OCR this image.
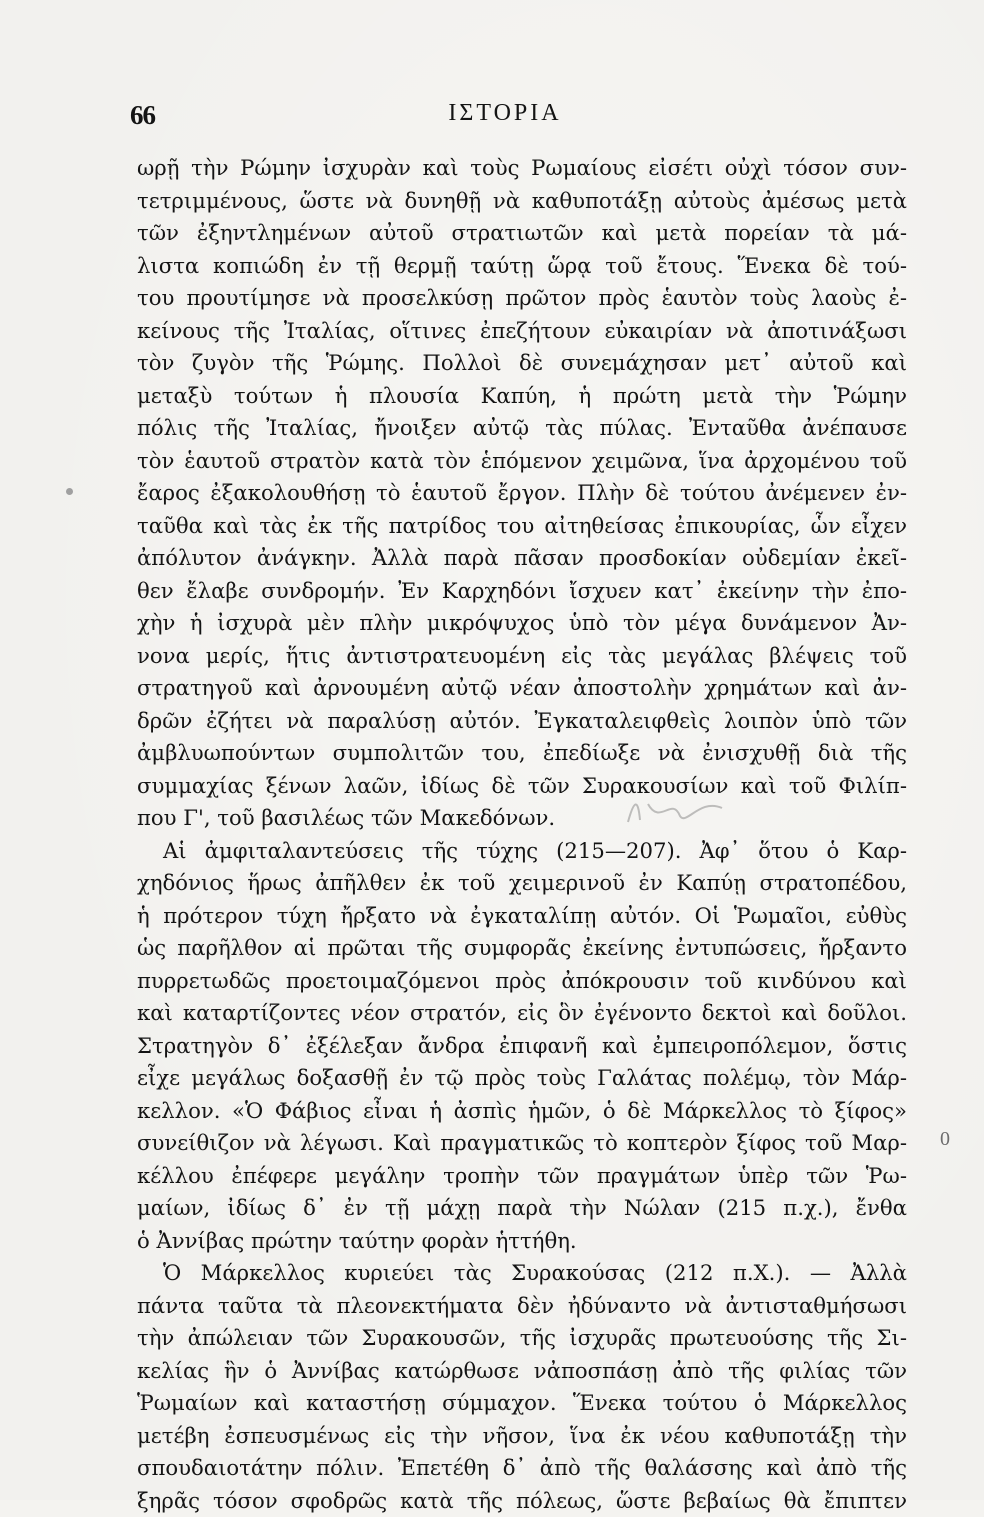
66	ΙΣΤΟΡΙΑ
ωρῇ τὴν Ρώμην ἰσχυρὰν καὶ τοὺς Ρωμαίους εἰσέτι οὐχὶ τόσον συν-
τετριμμένους, ὥστε νὰ δυνηθῇ νὰ καθυποτάξῃ αὐτοὺς ἀμέσως μετὰ
τῶν ἐξηντλημένων αὐτοῦ στρατιωτῶν καὶ μετὰ πορείαν τὰ μά-
λιστα κοπιώδη ἐν τῇ θερμῇ ταύτῃ ὥρᾳ τοῦ ἔτους. Ἕνεκα δὲ τού-
του προυτίμησε νὰ προσελκύσῃ πρῶτον πρὸς ἑαυτὸν τοὺς λαοὺς ἐ-
κείνους τῆς Ἰταλίας, οἵτινες ἐπεζήτουν εὐκαιρίαν νὰ ἀποτινάξωσι
τὸν ζυγὸν τῆς Ῥώμης. Πολλοὶ δὲ συνεμάχησαν μετ᾽ αὐτοῦ καὶ
μεταξὺ τούτων ἡ πλουσία Καπύη, ἡ πρώτη μετὰ τὴν Ῥώμην
πόλις τῆς Ἰταλίας, ἤνοιξεν αὐτῷ τὰς πύλας. Ἐνταῦθα ἀνέπαυσε
τὸν ἑαυτοῦ στρατὸν κατὰ τὸν ἑπόμενον χειμῶνα, ἵνα ἀρχομένου τοῦ
ἔαρος ἐξακολουθήσῃ τὸ ἑαυτοῦ ἔργον. Πλὴν δὲ τούτου ἀνέμενεν ἐν-
ταῦθα καὶ τὰς ἐκ τῆς πατρίδος του αἰτηθείσας ἐπικουρίας, ὧν εἶχεν
ἀπόλυτον ἀνάγκην. Ἀλλὰ παρὰ πᾶσαν προσδοκίαν οὐδεμίαν ἐκεῖ-
θεν ἔλαβε συνδρομήν. Ἐν Καρχηδόνι ἴσχυεν κατ᾽ ἐκείνην τὴν ἐπο-
χὴν ἡ ἰσχυρὰ μὲν πλὴν μικρόψυχος ὑπὸ τὸν μέγα δυνάμενον Ἀν-
νονα μερίς, ἥτις ἀντιστρατευομένη εἰς τὰς μεγάλας βλέψεις τοῦ
στρατηγοῦ καὶ ἀρνουμένη αὐτῷ νέαν ἀποστολὴν χρημάτων καὶ ἀν-
δρῶν ἐζήτει νὰ παραλύσῃ αὐτόν. Ἐγκαταλειφθεὶς λοιπὸν ὑπὸ τῶν
ἀμβλυωπούντων συμπολιτῶν του, ἐπεδίωξε νὰ ἐνισχυθῇ διὰ τῆς
συμμαχίας ξένων λαῶν, ἰδίως δὲ τῶν Συρακουσίων καὶ τοῦ Φιλίπ-
που Γ', τοῦ βασιλέως τῶν Μακεδόνων.
Αἱ ἀμφιταλαντεύσεις τῆς τύχης (215—207). Ἀφ᾽ ὅτου ὁ Καρ-
χηδόνιος ἥρως ἀπῆλθεν ἐκ τοῦ χειμερινοῦ ἐν Καπύῃ στρατοπέδου,
ἡ πρότερον τύχη ἤρξατο νὰ ἐγκαταλίπῃ αὐτόν. Οἱ Ῥωμαῖοι, εὐθὺς
ὡς παρῆλθον αἱ πρῶται τῆς συμφορᾶς ἐκείνης ἐντυπώσεις, ἤρξαντο
πυρρετωδῶς προετοιμαζόμενοι πρὸς ἀπόκρουσιν τοῦ κινδύνου καὶ
καὶ καταρτίζοντες νέον στρατόν, εἰς ὃν ἐγένοντο δεκτοὶ καὶ δοῦλοι.
Στρατηγὸν δ᾽ ἐξέλεξαν ἄνδρα ἐπιφανῆ καὶ ἐμπειροπόλεμον, ὅστις
εἶχε μεγάλως δοξασθῇ ἐν τῷ πρὸς τοὺς Γαλάτας πολέμῳ, τὸν Μάρ-
κελλον. «Ὁ Φάβιος εἶναι ἡ ἀσπὶς ἡμῶν, ὁ δὲ Μάρκελλος τὸ ξίφος»
συνείθιζον νὰ λέγωσι. Καὶ πραγματικῶς τὸ κοπτερὸν ξίφος τοῦ Μαρ-
κέλλου ἐπέφερε μεγάλην τροπὴν τῶν πραγμάτων ὑπὲρ τῶν Ῥω-
μαίων, ἰδίως δ᾽ ἐν τῇ μάχῃ παρὰ τὴν Νώλαν (215 π.χ.), ἔνθα
ὁ Ἀννίβας πρώτην ταύτην φορὰν ἡττήθη.
Ὁ Μάρκελλος κυριεύει τὰς Συρακούσας (212 π.Χ.). — Ἀλλὰ
πάντα ταῦτα τὰ πλεονεκτήματα δὲν ἠδύναντο νὰ ἀντισταθμήσωσι
τὴν ἀπώλειαν τῶν Συρακουσῶν, τῆς ἰσχυρᾶς πρωτευούσης τῆς Σι-
κελίας ἣν ὁ Ἀννίβας κατώρθωσε νἀποσπάσῃ ἀπὸ τῆς φιλίας τῶν
Ῥωμαίων καὶ καταστήσῃ σύμμαχον. Ἕνεκα τούτου ὁ Μάρκελλος
μετέβη ἐσπευσμένως εἰς τὴν νῆσον, ἵνα ἐκ νέου καθυποτάξῃ τὴν
σπουδαιοτάτην πόλιν. Ἐπετέθη δ᾽ ἀπὸ τῆς θαλάσσης καὶ ἀπὸ τῆς
ξηρᾶς τόσον σφοδρῶς κατὰ τῆς πόλεως, ὥστε βεβαίως θὰ ἔπιπτεν
0
